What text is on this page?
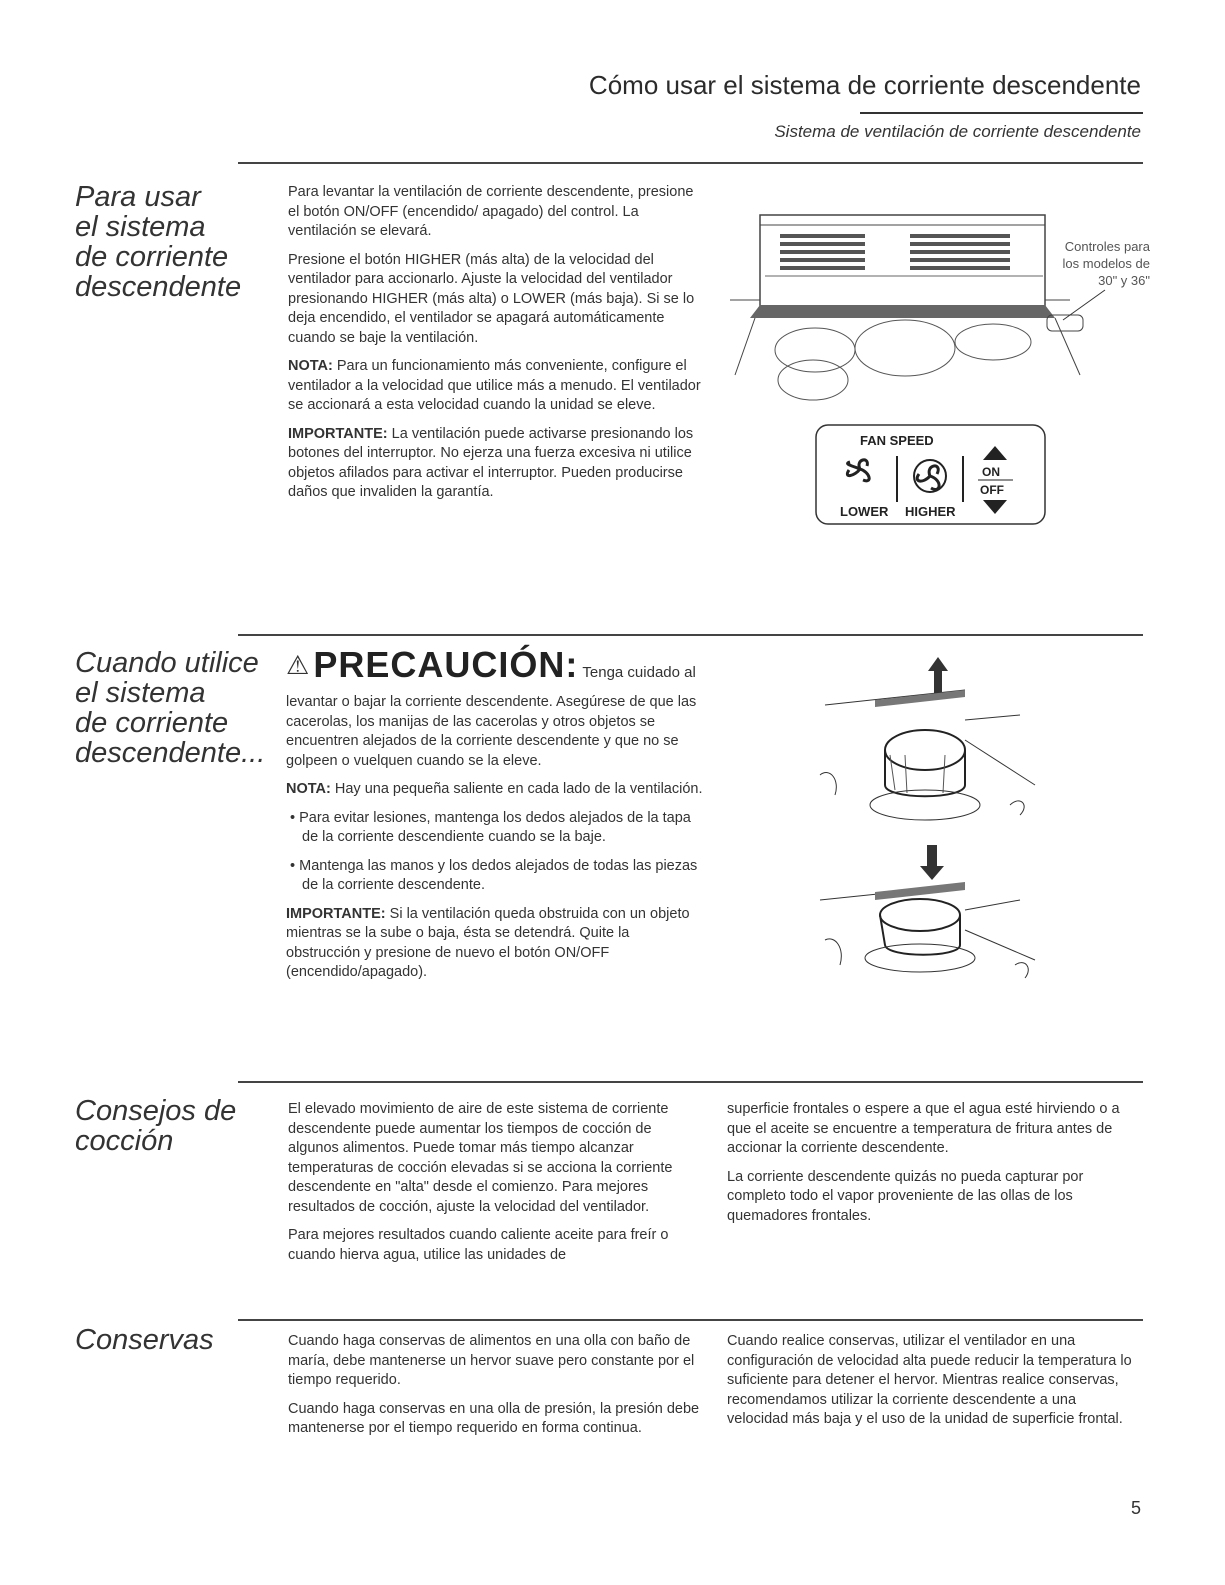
Cómo usar el sistema de corriente descendente
Sistema de ventilación de corriente descendente
Para usar
el sistema
de corriente
descendente

Para levantar la ventilación de corriente descendente, presione el botón ON/OFF (encendido/ apagado) del control. La ventilación se elevará.

Presione el botón HIGHER (más alta) de la velocidad del ventilador para accionarlo. Ajuste la velocidad del ventilador presionando HIGHER (más alta) o LOWER (más baja). Si se lo deja encendido, el ventilador se apagará automáticamente cuando se baje la ventilación.

NOTA: Para un funcionamiento más conveniente, configure el ventilador a la velocidad que utilice más a menudo. El ventilador se accionará a esta velocidad cuando la unidad se eleve.

IMPORTANTE: La ventilación puede activarse presionando los botones del interruptor. No ejerza una fuerza excesiva ni utilice objetos afilados para activar el interruptor. Pueden producirse daños que invaliden la garantía.

Controles para
los modelos de
30" y 36"
FAN SPEED
LOWER HIGHER
ON
OFF
Cuando utilice
el sistema
de corriente
descendente...
⚠ PRECAUCIÓN: Tenga cuidado al

levantar o bajar la corriente descendente. Asegúrese de que las cacerolas, los manijas de las cacerolas y otros objetos se encuentren alejados de la corriente descendente y que no se golpeen o vuelquen cuando se la eleve.

NOTA: Hay una pequeña saliente en cada lado de la ventilación.

• Para evitar lesiones, mantenga los dedos alejados de la tapa de la corriente descendiente cuando se la baje.

• Mantenga las manos y los dedos alejados de todas las piezas de la corriente descendente.

IMPORTANTE: Si la ventilación queda obstruida con un objeto mientras se la sube o baja, ésta se detendrá. Quite la obstrucción y presione de nuevo el botón ON/OFF (encendido/apagado).

Consejos de
cocción

El elevado movimiento de aire de este sistema de corriente descendente puede aumentar los tiempos de cocción de algunos alimentos. Puede tomar más tiempo alcanzar temperaturas de cocción elevadas si se acciona la corriente descendente en "alta" desde el comienzo. Para mejores resultados de cocción, ajuste la velocidad del ventilador.

Para mejores resultados cuando caliente aceite para freír o cuando hierva agua, utilice las unidades de

superficie frontales o espere a que el agua esté hirviendo o a que el aceite se encuentre a temperatura de fritura antes de accionar la corriente descendente.

La corriente descendente quizás no pueda capturar por completo todo el vapor proveniente de las ollas de los quemadores frontales.

Conservas	Cuando haga conservas de alimentos en una olla con baño de maría, debe mantenerse un hervor suave pero constante por el tiempo requerido.

Cuando haga conservas en una olla de presión, la presión debe mantenerse por el tiempo requerido en forma continua.

Cuando realice conservas, utilizar el ventilador en una configuración de velocidad alta puede reducir la temperatura lo suficiente para detener el hervor. Mientras realice conservas, recomendamos utilizar la corriente descendente a una velocidad más baja y el uso de la unidad de superficie frontal.

5
